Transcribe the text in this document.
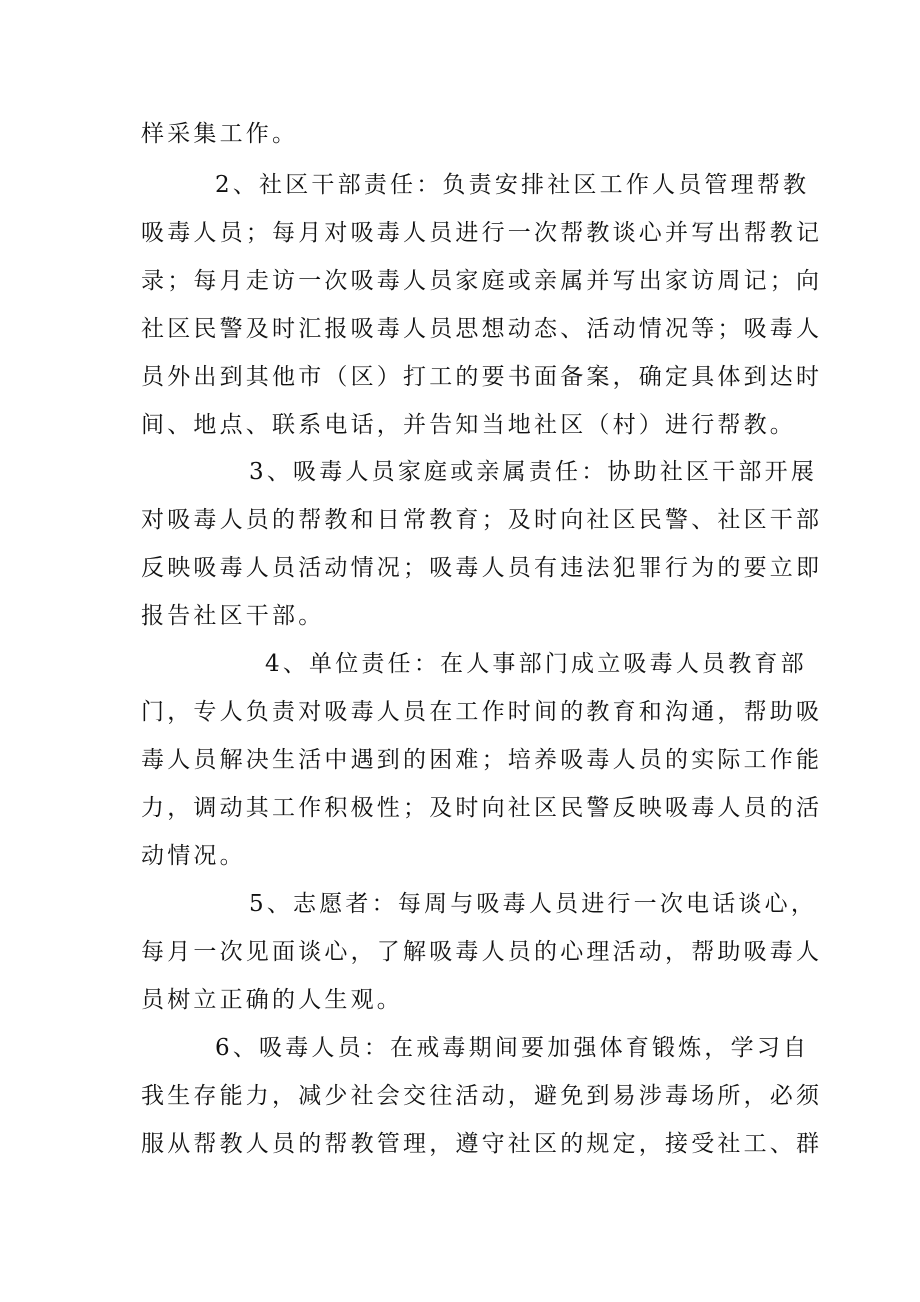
样采集工作。
2、社区干部责任：负责安排社区工作人员管理帮教
吸毒人员；每月对吸毒人员进行一次帮教谈心并写出帮教记
录；每月走访一次吸毒人员家庭或亲属并写出家访周记；向
社区民警及时汇报吸毒人员思想动态、活动情况等；吸毒人
员外出到其他市（区）打工的要书面备案，确定具体到达时
间、地点、联系电话，并告知当地社区（村）进行帮教。
3、吸毒人员家庭或亲属责任：协助社区干部开展
对吸毒人员的帮教和日常教育；及时向社区民警、社区干部
反映吸毒人员活动情况；吸毒人员有违法犯罪行为的要立即
报告社区干部。
4、单位责任：在人事部门成立吸毒人员教育部
门，专人负责对吸毒人员在工作时间的教育和沟通，帮助吸
毒人员解决生活中遇到的困难；培养吸毒人员的实际工作能
力，调动其工作积极性；及时向社区民警反映吸毒人员的活
动情况。
5、志愿者：每周与吸毒人员进行一次电话谈心，
每月一次见面谈心，了解吸毒人员的心理活动，帮助吸毒人
员树立正确的人生观。
6、吸毒人员：在戒毒期间要加强体育锻炼，学习自
我生存能力，减少社会交往活动，避免到易涉毒场所，必须
服从帮教人员的帮教管理，遵守社区的规定，接受社工、群
